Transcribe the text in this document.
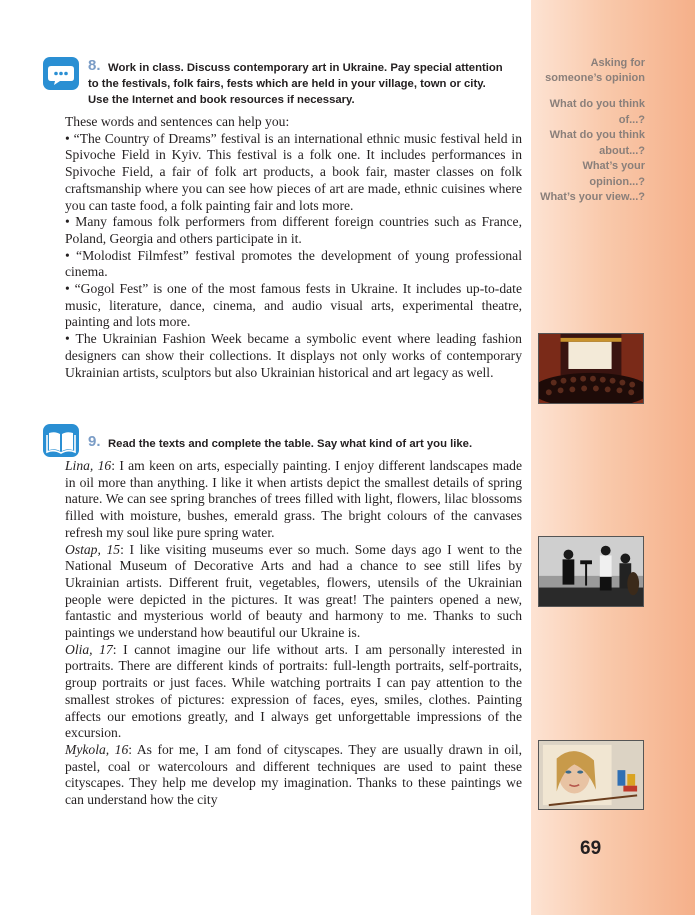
Asking for
someone’s opinion
What do you think
of...?
What do you think
about...?
What’s your
opinion...?
What’s your view...?
8. Work in class. Discuss contemporary art in Ukraine. Pay special attention
to the festivals, folk fairs, fests which are held in your village, town or city.
Use the Internet and book resources if necessary.

These words and sentences can help you:

• “The Country of Dreams” festival is an international ethnic music festival held in Spivoche Field in Kyiv. This festival is a folk one. It includes performances in Spivoche Field, a fair of folk art products, a book fair, master classes on folk craftsmanship where you can see how pieces of art are made, ethnic cuisines where you can taste food, a folk painting fair and lots more.

• Many famous folk performers from different foreign countries such as France, Poland, Georgia and others participate in it.

• “Molodist Filmfest” festival promotes the development of young professional cinema.

• “Gogol Fest” is one of the most famous fests in Ukraine. It includes up-to-date music, literature, dance, cinema, and audio visual arts, experimental theatre, painting and lots more.

• The Ukrainian Fashion Week became a symbolic event where leading fashion designers can show their collections. It displays not only works of contemporary Ukrainian artists, sculptors but also Ukrainian historical and art legacy as well.

9. Read the texts and complete the table. Say what kind of art you like.

Lina, 16: I am keen on arts, especially painting. I enjoy different landscapes made in oil more than anything. I like it when artists depict the smallest details of spring nature. We can see spring branches of trees filled with light, flowers, lilac blossoms filled with moisture, bushes, emerald grass. The bright colours of the canvases refresh my soul like pure spring water.

Ostap, 15: I like visiting museums ever so much. Some days ago I went to the National Museum of Decorative Arts and had a chance to see still lifes by Ukrainian artists. Different fruit, vegetables, flowers, utensils of the Ukrainian people were depicted in the pictures. It was great! The painters opened a new, fantastic and mysterious world of beauty and harmony to me. Thanks to such paintings we understand how beautiful our Ukraine is.

Olia, 17: I cannot imagine our life without arts. I am personally interested in portraits. There are different kinds of portraits: full-length portraits, self-portraits, group portraits or just faces. While watching portraits I can pay attention to the smallest strokes of pictures: expression of faces, eyes, smiles, clothes. Painting affects our emotions greatly, and I always get unforgettable impressions of the excursion.

Mykola, 16: As for me, I am fond of cityscapes. They are usually drawn in oil, pastel, coal or watercolours and different techniques are used to paint these cityscapes. They help me develop my imagination. Thanks to these paintings we can understand how the city

69
